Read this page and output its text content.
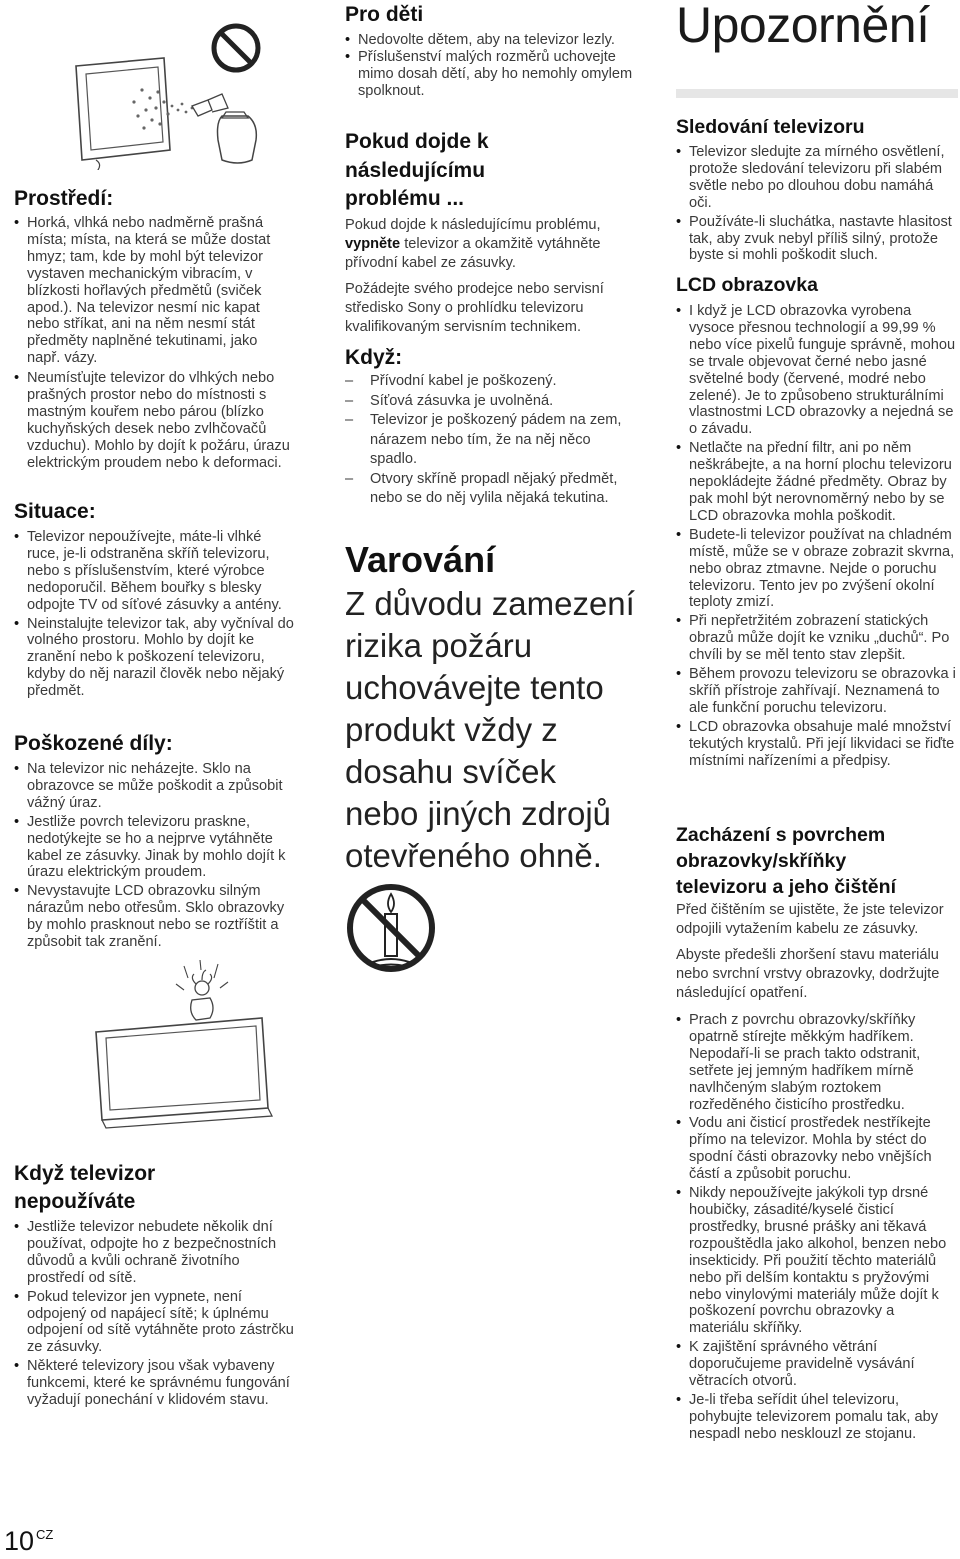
Upozornění
Prostředí:
• Horká, vlhká nebo nadměrně prašná místa; místa, na která se může dostat hmyz; tam, kde by mohl být televizor vystaven mechanickým vibracím, v blízkosti hořlavých předmětů (sviček apod.). Na televizor nesmí nic kapat nebo stříkat, ani na něm nesmí stát předměty naplněné tekutinami, jako např. vázy.
• Neumísťujte televizor do vlhkých nebo prašných prostor nebo do místnosti s mastným kouřem nebo párou (blízko kuchyňských desek nebo zvlhčovačů vzduchu). Mohlo by dojít k požáru, úrazu elektrickým proudem nebo k deformaci.
Situace:
• Televizor nepoužívejte, máte-li vlhké ruce, je-li odstraněna skříň televizoru, nebo s příslušenstvím, které výrobce nedoporučil. Během bouřky s blesky odpojte TV od síťové zásuvky a antény.
• Neinstalujte televizor tak, aby vyčníval do volného prostoru. Mohlo by dojít ke zranění nebo k poškození televizoru, kdyby do něj narazil člověk nebo nějaký předmět.
Poškozené díly:
• Na televizor nic neházejte. Sklo na obrazovce se může poškodit a způsobit vážný úraz.
• Jestliže povrch televizoru praskne, nedotýkejte se ho a nejprve vytáhněte kabel ze zásuvky. Jinak by mohlo dojít k úrazu elektrickým proudem.
• Nevystavujte LCD obrazovku silným nárazům nebo otřesům. Sklo obrazovky by mohlo prasknout nebo se roztříštit a způsobit tak zranění.
Když televizor nepoužíváte
• Jestliže televizor nebudete několik dní používat, odpojte ho z bezpečnostních důvodů a kvůli ochraně životního prostředí od sítě.
• Pokud televizor jen vypnete, není odpojený od napájecí sítě; k úplnému odpojení od sítě vytáhněte proto zástrčku ze zásuvky.
• Některé televizory jsou však vybaveny funkcemi, které ke správnému fungování vyžadují ponechání v klidovém stavu.
Pro děti
• Nedovolte dětem, aby na televizor lezly.
• Příslušenství malých rozměrů uchovejte mimo dosah dětí, aby ho nemohly omylem spolknout.
Pokud dojde k následujícímu problému ...
Pokud dojde k následujícímu problému, vypněte televizor a okamžitě vytáhněte přívodní kabel ze zásuvky.
Požádejte svého prodejce nebo servisní středisko Sony o prohlídku televizoru kvalifikovaným servisním technikem.
Když:
– Přívodní kabel je poškozený.
– Síťová zásuvka je uvolněná.
– Televizor je poškozený pádem na zem, nárazem nebo tím, že na něj něco spadlo.
– Otvory skříně propadl nějaký předmět, nebo se do něj vylila nějaká tekutina.
Varování
Z důvodu zamezení rizika požáru uchovávejte tento produkt vždy z dosahu svíček nebo jiných zdrojů otevřeného ohně.
Sledování televizoru
• Televizor sledujte za mírného osvětlení, protože sledování televizoru při slabém světle nebo po dlouhou dobu namáhá oči.
• Používáte-li sluchátka, nastavte hlasitost tak, aby zvuk nebyl příliš silný, protože byste si mohli poškodit sluch.
LCD obrazovka
• I když je LCD obrazovka vyrobena vysoce přesnou technologií a 99,99 % nebo více pixelů funguje správně, mohou se trvale objevovat černé nebo jasné světelné body (červené, modré nebo zelené). Je to způsobeno strukturálními vlastnostmi LCD obrazovky a nejedná se o závadu.
• Netlačte na přední filtr, ani po něm neškrábejte, a na horní plochu televizoru nepokládejte žádné předměty. Obraz by pak mohl být nerovnoměrný nebo by se LCD obrazovka mohla poškodit.
• Budete-li televizor používat na chladném místě, může se v obraze zobrazit skvrna, nebo obraz ztmavne. Nejde o poruchu televizoru. Tento jev po zvýšení okolní teploty zmizí.
• Při nepřetržitém zobrazení statických obrazů může dojít ke vzniku „duchů“. Po chvíli by se měl tento stav zlepšit.
• Během provozu televizoru se obrazovka i skříň přístroje zahřívají. Neznamená to ale funkční poruchu televizoru.
• LCD obrazovka obsahuje malé množství tekutých krystalů. Při její likvidaci se řiďte místními nařízeními a předpisy.
Zacházení s povrchem obrazovky/skříňky televizoru a jeho čištění
Před čištěním se ujistěte, že jste televizor odpojili vytažením kabelu ze zásuvky.
Abyste předešli zhoršení stavu materiálu nebo svrchní vrstvy obrazovky, dodržujte následující opatření.
• Prach z povrchu obrazovky/skříňky opatrně stírejte měkkým hadříkem. Nepodaří-li se prach takto odstranit, setřete jej jemným hadříkem mírně navlhčeným slabým roztokem rozředěného čisticího prostředku.
• Vodu ani čisticí prostředek nestříkejte přímo na televizor. Mohla by stéct do spodní části obrazovky nebo vnějších částí a způsobit poruchu.
• Nikdy nepoužívejte jakýkoli typ drsné houbičky, zásadité/kyselé čisticí prostředky, brusné prášky ani těkavá rozpouštědla jako alkohol, benzen nebo insekticidy. Při použití těchto materiálů nebo při delším kontaktu s pryžovými nebo vinylovými materiály může dojít k poškození povrchu obrazovky a materiálu skříňky.
• K zajištění správného větrání doporučujeme pravidelně vysávání větracích otvorů.
• Je-li třeba seřídit úhel televizoru, pohybujte televizorem pomalu tak, aby nespadl nebo nesklouzl ze stojanu.
10 $^{CZ}$
